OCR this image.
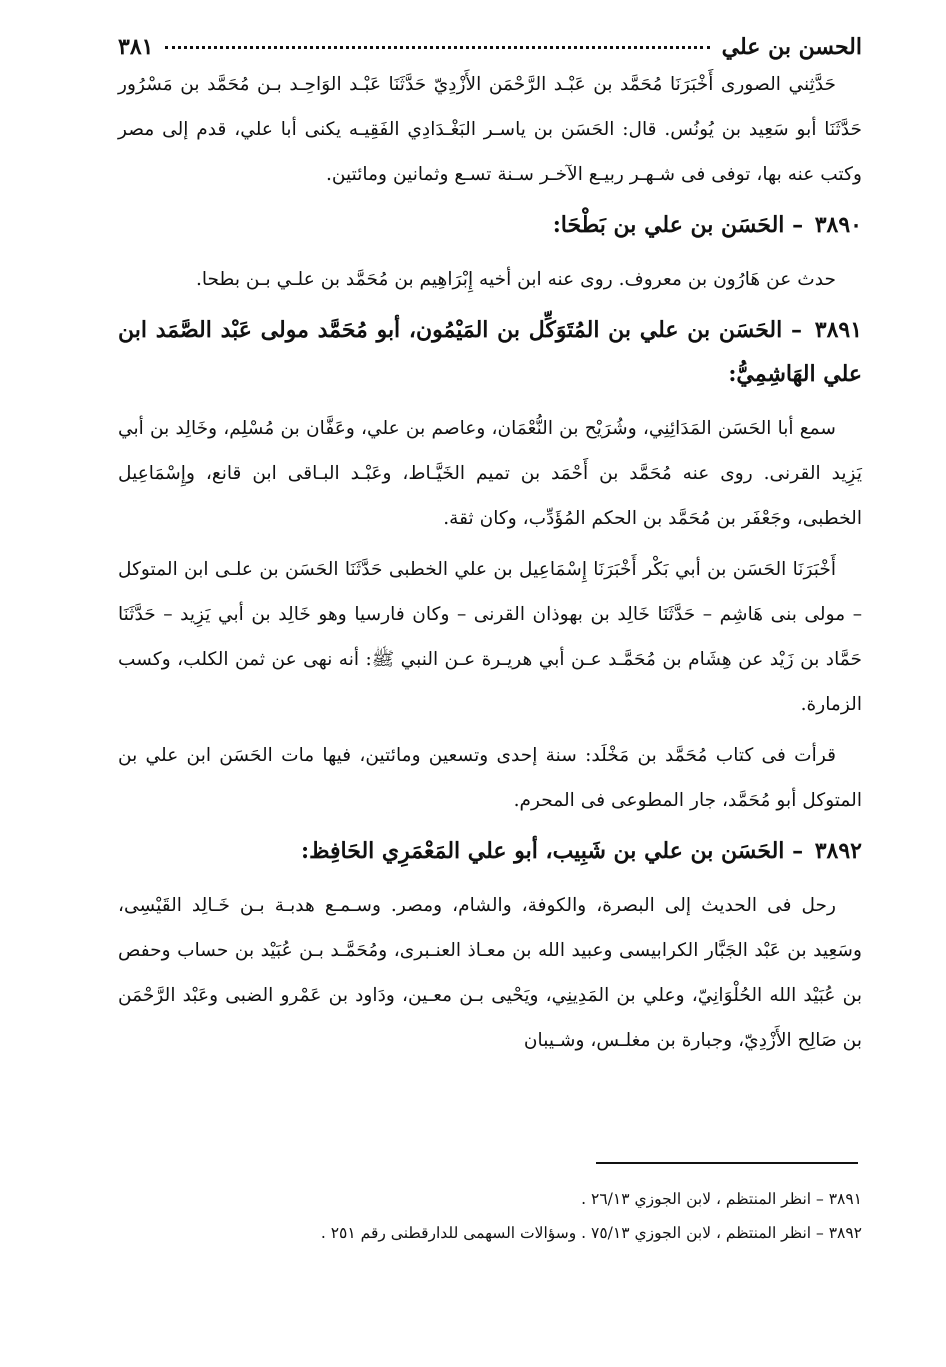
الحسن بن علي
٣٨١

حَدَّثِني الصورى أَخْبَرَنَا مُحَمَّد بن عَبْـد الرَّحْمَن الأَزْدِيّ حَدَّثَنَا عَبْـد الوَاحِـد بـن مُحَمَّد بن مَسْرُور حَدَّثَنَا أبو سَعِيد بن يُونُس. قال: الحَسَن بن ياسـر البَغْـدَادِي الفَقِيـه يكنى أبا علي، قدم إلى مصر وكتب عنه بها، توفى فى شـهـر ربيـع الآخـر سـنة تسـع وثمانين ومائتين.

٣٨٩٠ – الحَسَن بن علي بن بَطْحَا:

حدث عن هَارُون بن معروف. روى عنه ابن أخيه إِبْرَاهِيم بن مُحَمَّد بن علـي بـن بطحا.

٣٨٩١ – الحَسَن بن علي بن المُتَوَكِّل بن المَيْمُون، أبو مُحَمَّد مولى عَبْد الصَّمَد ابن علي الهَاشِمِيُّ:

سمع أبا الحَسَن المَدَائِنِي، وشُرَيْح بن النُّعْمَان، وعاصم بن علي، وعَفَّان بن مُسْلِم، وخَالِد بن أبي يَزِيد القرنى. روى عنه مُحَمَّد بن أَحْمَد بن تميم الخَيَّـاط، وعَبْـد البـاقى ابن قانع، وإِسْمَاعِيل الخطبى، وجَعْفَر بن مُحَمَّد بن الحكم المُؤَدِّب، وكان ثقة.

أَخْبَرَنَا الحَسَن بن أبي بَكْر أَخْبَرَنَا إِسْمَاعِيل بن علي الخطبى حَدَّثَنَا الحَسَن بن علـى ابن المتوكل – مولى بنى هَاشِم – حَدَّثَنَا خَالِد بن بهوذان القرنى – وكان فارسيا وهو خَالِد بن أبي يَزِيد – حَدَّثَنَا حَمَّاد بن زَيْد عن هِشَام بن مُحَمَّـد عـن أبي هريـرة عـن النبي ﷺ: أنه نهى عن ثمن الكلب، وكسب الزمارة.

قرأت فى كتاب مُحَمَّد بن مَخْلَد: سنة إحدى وتسعين ومائتين، فيها مات الحَسَن ابن علي بن المتوكل أبو مُحَمَّد، جار المطوعى فى المحرم.

٣٨٩٢ – الحَسَن بن علي بن شَبِيب، أبو علي المَعْمَرِي الحَافِظ:

رحل فى الحديث إلى البصرة، والكوفة، والشام، ومصر. وسـمـع هدبـة بـن خَـالِد القَيْسِى، وسَعِيد بن عَبْد الجَبَّار الكرابيسى وعبيد الله بن معـاذ العنـبرى، ومُحَمَّـد بـن عُبَيْد بن حساب وحفص بن عُبَيْد الله الحُلْوَانِيّ، وعلي بن المَدِينِي، ويَحْيى بـن معـين، ودَاود بن عَمْرو الضبى وعَبْد الرَّحْمَن بن صَالِح الأَزْدِيّ، وجبارة بن مغلـس، وشـيبان

٣٨٩١ – انظر المنتظم ، لابن الجوزي ٢٦/١٣ .
٣٨٩٢ – انظر المنتظم ، لابن الجوزي ٧٥/١٣ . وسؤالات السهمى للدارقطنى رقم ٢٥١ .
